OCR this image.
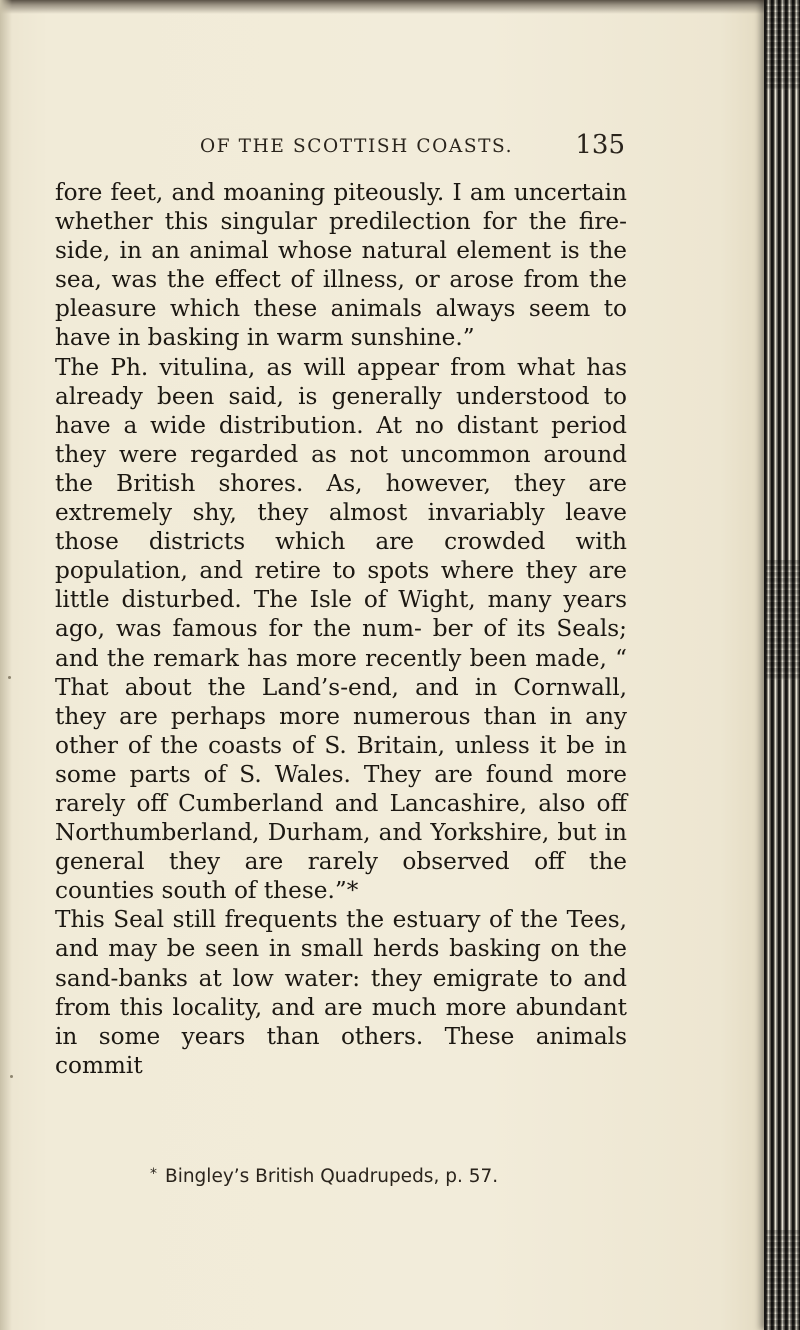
OF THE SCOTTISH COASTS. 135

fore feet, and moaning piteously. I am uncertain whether this singular predilection for the fire-side, in an animal whose natural element is the sea, was the effect of illness, or arose from the pleasure which these animals always seem to have in basking in warm sunshine.”

The Ph. vitulina, as will appear from what has already been said, is generally understood to have a wide distribution. At no distant period they were regarded as not uncommon around the British shores. As, however, they are extremely shy, they almost invariably leave those districts which are crowded with population, and retire to spots where they are little disturbed. The Isle of Wight, many years ago, was famous for the num- ber of its Seals; and the remark has more recently been made, “ That about the Land’s-end, and in Cornwall, they are perhaps more numerous than in any other of the coasts of S. Britain, unless it be in some parts of S. Wales. They are found more rarely off Cumberland and Lancashire, also off Northumberland, Durham, and Yorkshire, but in general they are rarely observed off the counties south of these.”*

This Seal still frequents the estuary of the Tees, and may be seen in small herds basking on the sand-banks at low water: they emigrate to and from this locality, and are much more abundant in some years than others. These animals commit

* Bingley’s British Quadrupeds, p. 57.
